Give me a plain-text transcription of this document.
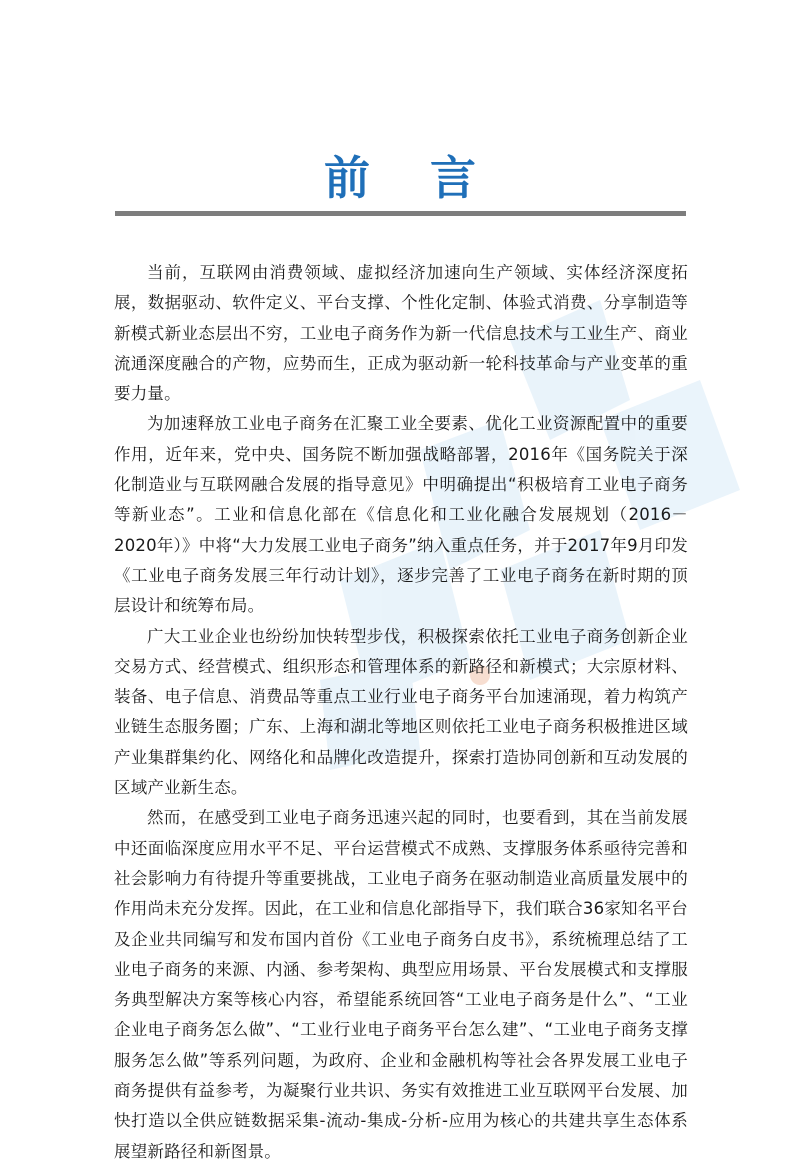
前 言

当前，互联网由消费领域、虚拟经济加速向生产领域、实体经济深度拓展，数据驱动、软件定义、平台支撑、个性化定制、体验式消费、分享制造等新模式新业态层出不穷，工业电子商务作为新一代信息技术与工业生产、商业流通深度融合的产物，应势而生，正成为驱动新一轮科技革命与产业变革的重要力量。

为加速释放工业电子商务在汇聚工业全要素、优化工业资源配置中的重要作用，近年来，党中央、国务院不断加强战略部署，2016年《国务院关于深化制造业与互联网融合发展的指导意见》中明确提出“积极培育工业电子商务等新业态”。工业和信息化部在《信息化和工业化融合发展规划（2016－2020年）》中将“大力发展工业电子商务”纳入重点任务，并于2017年9月印发《工业电子商务发展三年行动计划》，逐步完善了工业电子商务在新时期的顶层设计和统筹布局。

广大工业企业也纷纷加快转型步伐，积极探索依托工业电子商务创新企业交易方式、经营模式、组织形态和管理体系的新路径和新模式；大宗原材料、装备、电子信息、消费品等重点工业行业电子商务平台加速涌现，着力构筑产业链生态服务圈；广东、上海和湖北等地区则依托工业电子商务积极推进区域产业集群集约化、网络化和品牌化改造提升，探索打造协同创新和互动发展的区域产业新生态。

然而，在感受到工业电子商务迅速兴起的同时，也要看到，其在当前发展中还面临深度应用水平不足、平台运营模式不成熟、支撑服务体系亟待完善和社会影响力有待提升等重要挑战，工业电子商务在驱动制造业高质量发展中的作用尚未充分发挥。因此，在工业和信息化部指导下，我们联合36家知名平台及企业共同编写和发布国内首份《工业电子商务白皮书》，系统梳理总结了工业电子商务的来源、内涵、参考架构、典型应用场景、平台发展模式和支撑服务典型解决方案等核心内容，希望能系统回答“工业电子商务是什么”、“工业企业电子商务怎么做”、“工业行业电子商务平台怎么建”、“工业电子商务支撑服务怎么做”等系列问题，为政府、企业和金融机构等社会各界发展工业电子商务提供有益参考，为凝聚行业共识、务实有效推进工业互联网平台发展、加快打造以全供应链数据采集-流动-集成-分析-应用为核心的共建共享生态体系展望新路径和新图景。
